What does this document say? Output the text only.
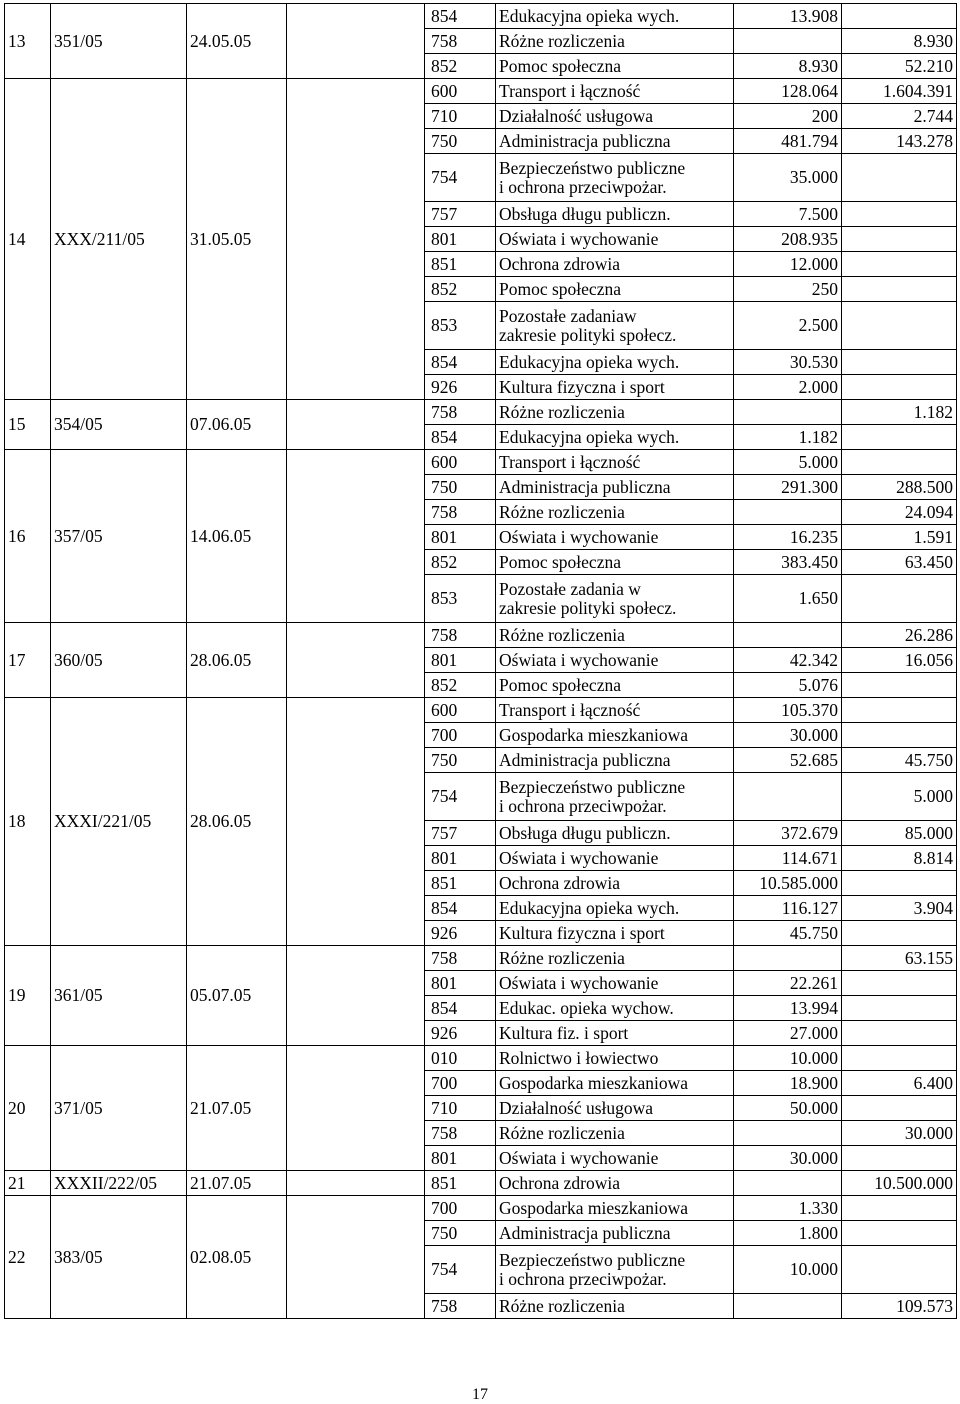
13	351/05	24.05.05		854	Edukacyjna opieka wych.	13.908	
				758	Różne rozliczenia		8.930
				852	Pomoc społeczna	8.930	52.210
14	XXX/211/05	31.05.05		600	Transport i łączność	128.064	1.604.391
				710	Działalność usługowa	200	2.744
				750	Administracja publiczna	481.794	143.278
				754	Bezpieczeństwo publiczne
i ochrona przeciwpożar.	35.000	
				757	Obsługa długu publiczn.	7.500	
				801	Oświata i wychowanie	208.935	
				851	Ochrona zdrowia	12.000	
				852	Pomoc społeczna	250	
				853	Pozostałe zadaniaw
zakresie polityki społecz.	2.500	
				854	Edukacyjna opieka wych.	30.530	
				926	Kultura fizyczna i sport	2.000	
15	354/05	07.06.05		758	Różne rozliczenia		1.182
				854	Edukacyjna opieka wych.	1.182	
16	357/05	14.06.05		600	Transport i łączność	5.000	
				750	Administracja publiczna	291.300	288.500
				758	Różne rozliczenia		24.094
				801	Oświata i wychowanie	16.235	1.591
				852	Pomoc społeczna	383.450	63.450
				853	Pozostałe zadania w
zakresie polityki społecz.	1.650	
17	360/05	28.06.05		758	Różne rozliczenia		26.286
				801	Oświata i wychowanie	42.342	16.056
				852	Pomoc społeczna	5.076	
18	XXXI/221/05	28.06.05		600	Transport i łączność	105.370	
				700	Gospodarka mieszkaniowa	30.000	
				750	Administracja publiczna	52.685	45.750
				754	Bezpieczeństwo publiczne
i ochrona przeciwpożar.		5.000
				757	Obsługa długu publiczn.	372.679	85.000
				801	Oświata i wychowanie	114.671	8.814
				851	Ochrona zdrowia	10.585.000	
				854	Edukacyjna opieka wych.	116.127	3.904
				926	Kultura fizyczna i sport	45.750	
19	361/05	05.07.05		758	Różne rozliczenia		63.155
				801	Oświata i wychowanie	22.261	
				854	Edukac. opieka wychow.	13.994	
				926	Kultura fiz. i sport	27.000	
20	371/05	21.07.05		010	Rolnictwo i łowiectwo	10.000	
				700	Gospodarka mieszkaniowa	18.900	6.400
				710	Działalność usługowa	50.000	
				758	Różne rozliczenia		30.000
				801	Oświata i wychowanie	30.000	
21	XXXII/222/05	21.07.05		851	Ochrona zdrowia		10.500.000
22	383/05	02.08.05		700	Gospodarka mieszkaniowa	1.330	
				750	Administracja publiczna	1.800	
				754	Bezpieczeństwo publiczne
i ochrona przeciwpożar.	10.000	
				758	Różne rozliczenia		109.573
17
